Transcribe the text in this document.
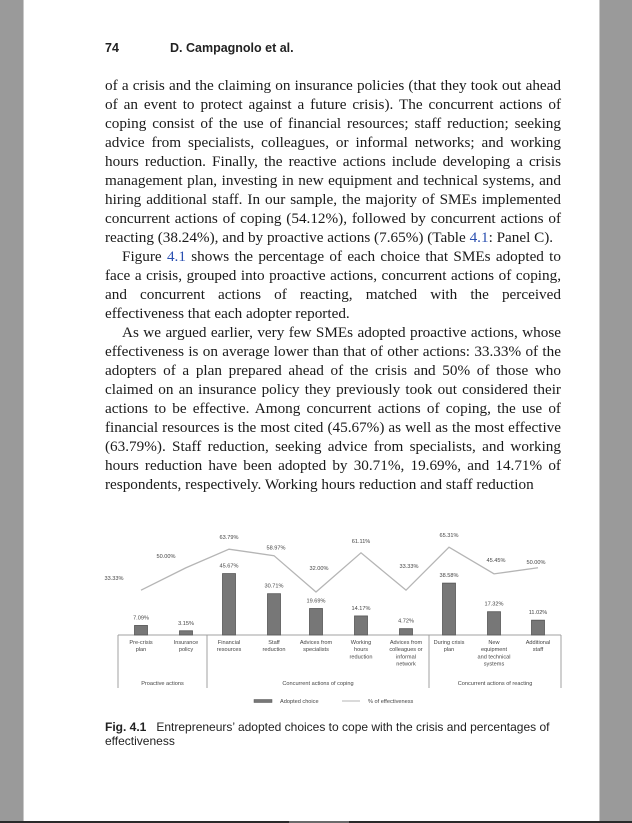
74	D. Campagnolo et al.

of a crisis and the claiming on insurance policies (that they took out ahead of an event to protect against a future crisis). The concurrent actions of coping consist of the use of financial resources; staff reduction; seeking advice from specialists, colleagues, or informal networks; and working hours reduction. Finally, the reactive actions include developing a crisis management plan, investing in new equipment and technical systems, and hiring additional staff. In our sample, the majority of SMEs implemented concurrent actions of coping (54.12%), followed by concurrent actions of reacting (38.24%), and by proactive actions (7.65%) (Table 4.1: Panel C).

Figure 4.1 shows the percentage of each choice that SMEs adopted to face a crisis, grouped into proactive actions, concurrent actions of coping, and concurrent actions of reacting, matched with the perceived effectiveness that each adopter reported.

As we argued earlier, very few SMEs adopted proactive actions, whose effectiveness is on average lower than that of other actions: 33.33% of the adopters of a plan prepared ahead of the crisis and 50% of those who claimed on an insurance policy they previously took out considered their actions to be effective. Among concurrent actions of coping, the use of financial resources is the most cited (45.67%) as well as the most effective (63.79%). Staff reduction, seeking advice from specialists, and working hours reduction have been adopted by 30.71%, 19.69%, and 14.71% of respondents, respectively. Working hours reduction and staff reduction

7.09%
3.15%
45.67%
30.71%
19.69%
14.17%
4.72%
38.58%
17.32%
11.02%
33.33%
50.00%
63.79%
58.97%
32.00%
61.11%
33.33%
65.31%
45.45%	50.00%
Pre-crisis
plan
Insurance
policy
Financial
resources
Staff
reduction
Advices from
specialists
Working
hours
reduction
Advices from
colleagues or
informal
network
During crisis
plan
New
equipment
and technical
systems
Additional
staff
Proactive actions	Concurrent actions of coping	Concurrent actions of reacting
Adopted choice	% of effectiveness
Fig. 4.1 Entrepreneurs’ adopted choices to cope with the crisis and percentages of effectiveness
